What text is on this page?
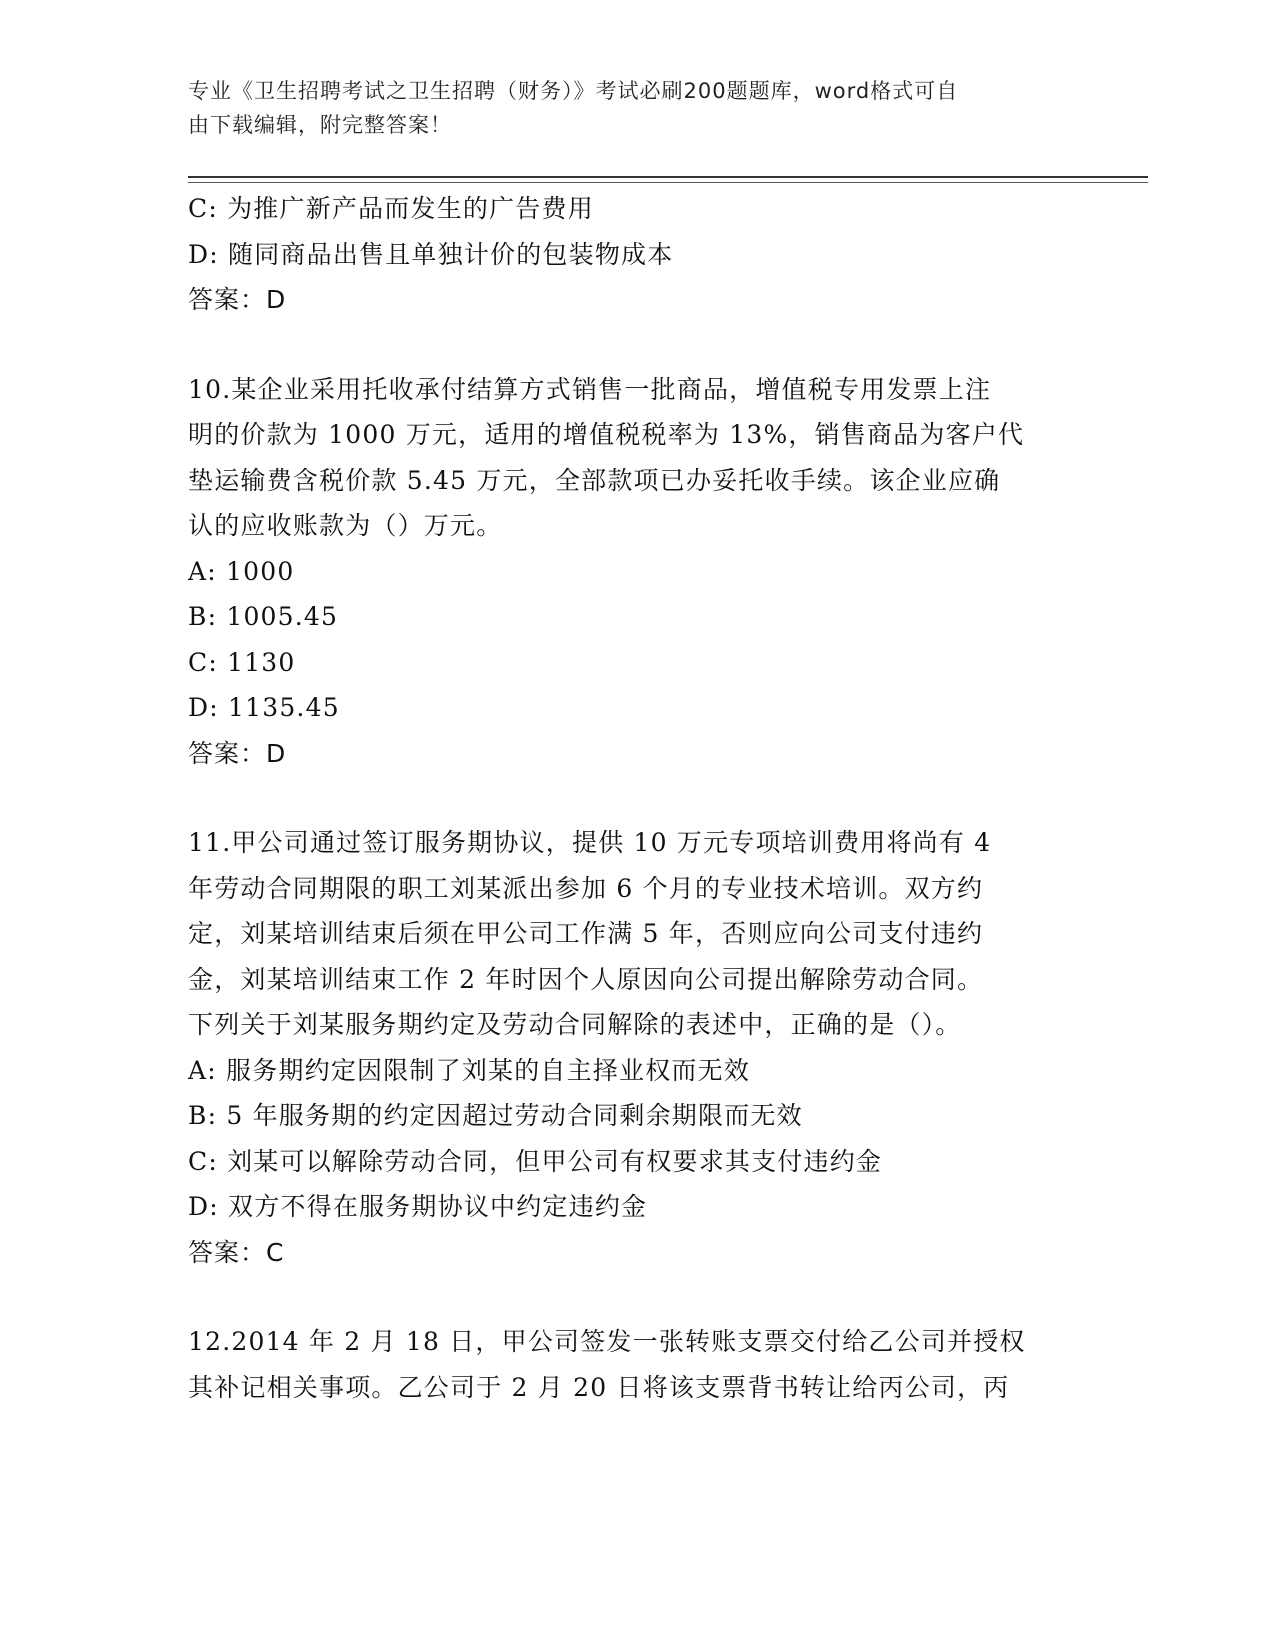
专业《卫生招聘考试之卫生招聘（财务）》考试必刷200题题库，word格式可自
由下载编辑，附完整答案！

C: 为推广新产品而发生的广告费用

D: 随同商品出售且单独计价的包装物成本

答案：D

10.某企业采用托收承付结算方式销售一批商品，增值税专用发票上注

明的价款为 1000 万元，适用的增值税税率为 13%，销售商品为客户代

垫运输费含税价款 5.45 万元，全部款项已办妥托收手续。该企业应确

认的应收账款为（）万元。

A: 1000

B: 1005.45

C: 1130

D: 1135.45

答案：D

11.甲公司通过签订服务期协议，提供 10 万元专项培训费用将尚有 4

年劳动合同期限的职工刘某派出参加 6 个月的专业技术培训。双方约

定，刘某培训结束后须在甲公司工作满 5 年，否则应向公司支付违约

金，刘某培训结束工作 2 年时因个人原因向公司提出解除劳动合同。

下列关于刘某服务期约定及劳动合同解除的表述中，正确的是（）。

A: 服务期约定因限制了刘某的自主择业权而无效

B: 5 年服务期的约定因超过劳动合同剩余期限而无效

C: 刘某可以解除劳动合同，但甲公司有权要求其支付违约金

D: 双方不得在服务期协议中约定违约金

答案：C

12.2014 年 2 月 18 日，甲公司签发一张转账支票交付给乙公司并授权

其补记相关事项。乙公司于 2 月 20 日将该支票背书转让给丙公司，丙
